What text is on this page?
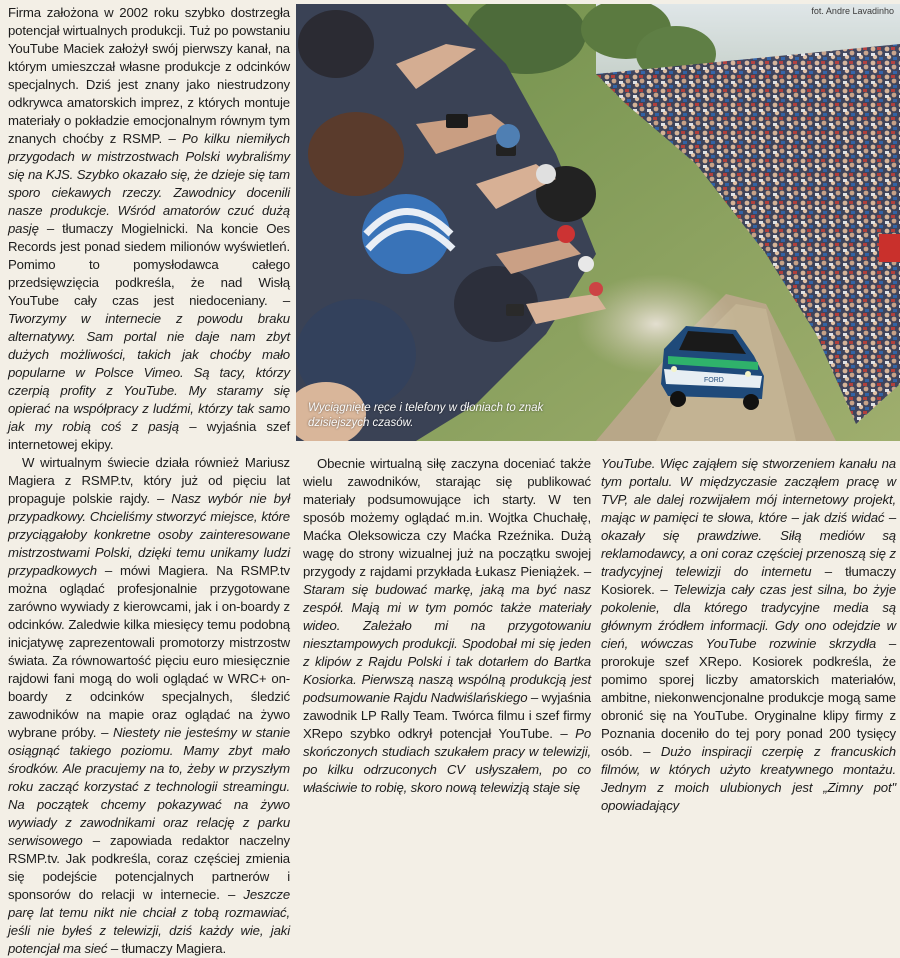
Firma założona w 2002 roku szybko dostrzegła potencjał wirtualnych produkcji. Tuż po powstaniu YouTube Maciek założył swój pierwszy kanał, na którym umieszczał własne produkcje z odcinków specjalnych. Dziś jest znany jako niestrudzony odkrywca amatorskich imprez, z których montuje materiały o pokładzie emocjonalnym równym tym znanych choćby z RSMP. – Po kilku niemiłych przygodach w mistrzostwach Polski wybraliśmy się na KJS. Szybko okazało się, że dzieje się tam sporo ciekawych rzeczy. Zawodnicy docenili nasze produkcje. Wśród amatorów czuć dużą pasję – tłumaczy Mogielnicki. Na koncie Oes Records jest ponad siedem milionów wyświetleń. Pomimo to pomysłodawca całego przedsięwzięcia podkreśla, że nad Wisłą YouTube cały czas jest niedoceniany. – Tworzymy w internecie z powodu braku alternatywy. Sam portal nie daje nam zbyt dużych możliwości, takich jak choćby mało popularne w Polsce Vimeo. Są tacy, którzy czerpią profity z YouTube. My staramy się opierać na współpracy z ludźmi, którzy tak samo jak my robią coś z pasją – wyjaśnia szef internetowej ekipy.

W wirtualnym świecie działa również Mariusz Magiera z RSMP.tv, który już od pięciu lat propaguje polskie rajdy. – Nasz wybór nie był przypadkowy. Chcieliśmy stworzyć miejsce, które przyciągałoby konkretne osoby zainteresowane mistrzostwami Polski, dzięki temu unikamy ludzi przypadkowych – mówi Magiera. Na RSMP.tv można oglądać profesjonalnie przygotowane zarówno wywiady z kierowcami, jak i on-boardy z odcinków. Zaledwie kilka miesięcy temu podobną inicjatywę zaprezentowali promotorzy mistrzostw świata. Za równowartość pięciu euro miesięcznie rajdowi fani mogą do woli oglądać w WRC+ on-boardy z odcinków specjalnych, śledzić zawodników na mapie oraz oglądać na żywo wybrane próby. – Niestety nie jesteśmy w stanie osiągnąć takiego poziomu. Mamy zbyt mało środków. Ale pracujemy na to, żeby w przyszłym roku zacząć korzystać z technologii streamingu. Na początek chcemy pokazywać na żywo wywiady z zawodnikami oraz relację z parku serwisowego – zapowiada redaktor naczelny RSMP.tv. Jak podkreśla, coraz częściej zmienia się podejście potencjalnych partnerów i sponsorów do relacji w internecie. – Jeszcze parę lat temu nikt nie chciał z tobą rozmawiać, jeśli nie byłeś z telewizji, dziś każdy wie, jaki potencjał ma sieć – tłumaczy Magiera.

FORD
fot. Andre Lavadinho
Wyciągnięte ręce i telefony w dłoniach to znak dzisiejszych czasów.

Obecnie wirtualną siłę zaczyna doceniać także wielu zawodników, starając się publikować materiały podsumowujące ich starty. W ten sposób możemy oglądać m.in. Wojtka Chuchałę, Maćka Oleksowicza czy Maćka Rzeźnika. Dużą wagę do strony wizualnej już na początku swojej przygody z rajdami przykłada Łukasz Pieniążek. – Staram się budować markę, jaką ma być nasz zespół. Mają mi w tym pomóc także materiały wideo. Zależało mi na przygotowaniu niesztampowych produkcji. Spodobał mi się jeden z klipów z Rajdu Polski i tak dotarłem do Bartka Kosiorka. Pierwszą naszą wspólną produkcją jest podsumowanie Rajdu Nadwiślańskiego – wyjaśnia zawodnik LP Rally Team. Twórca filmu i szef firmy XRepo szybko odkrył potencjał YouTube. – Po skończonych studiach szukałem pracy w telewizji, po kilku odrzuconych CV usłyszałem, po co właściwie to robię, skoro nową telewizją staje się

YouTube. Więc zająłem się stworzeniem kanału na tym portalu. W międzyczasie zacząłem pracę w TVP, ale dalej rozwijałem mój internetowy projekt, mając w pamięci te słowa, które – jak dziś widać – okazały się prawdziwe. Siłą mediów są reklamodawcy, a oni coraz częściej przenoszą się z tradycyjnej telewizji do internetu – tłumaczy Kosiorek. – Telewizja cały czas jest silna, bo żyje pokolenie, dla którego tradycyjne media są głównym źródłem informacji. Gdy ono odejdzie w cień, wówczas YouTube rozwinie skrzydła – prorokuje szef XRepo. Kosiorek podkreśla, że pomimo sporej liczby amatorskich materiałów, ambitne, niekonwencjonalne produkcje mogą same obronić się na YouTube. Oryginalne klipy firmy z Poznania doceniło do tej pory ponad 200 tysięcy osób. – Dużo inspiracji czerpię z francuskich filmów, w których użyto kreatywnego montażu. Jednym z moich ulubionych jest „Zimny pot" opowiadający
